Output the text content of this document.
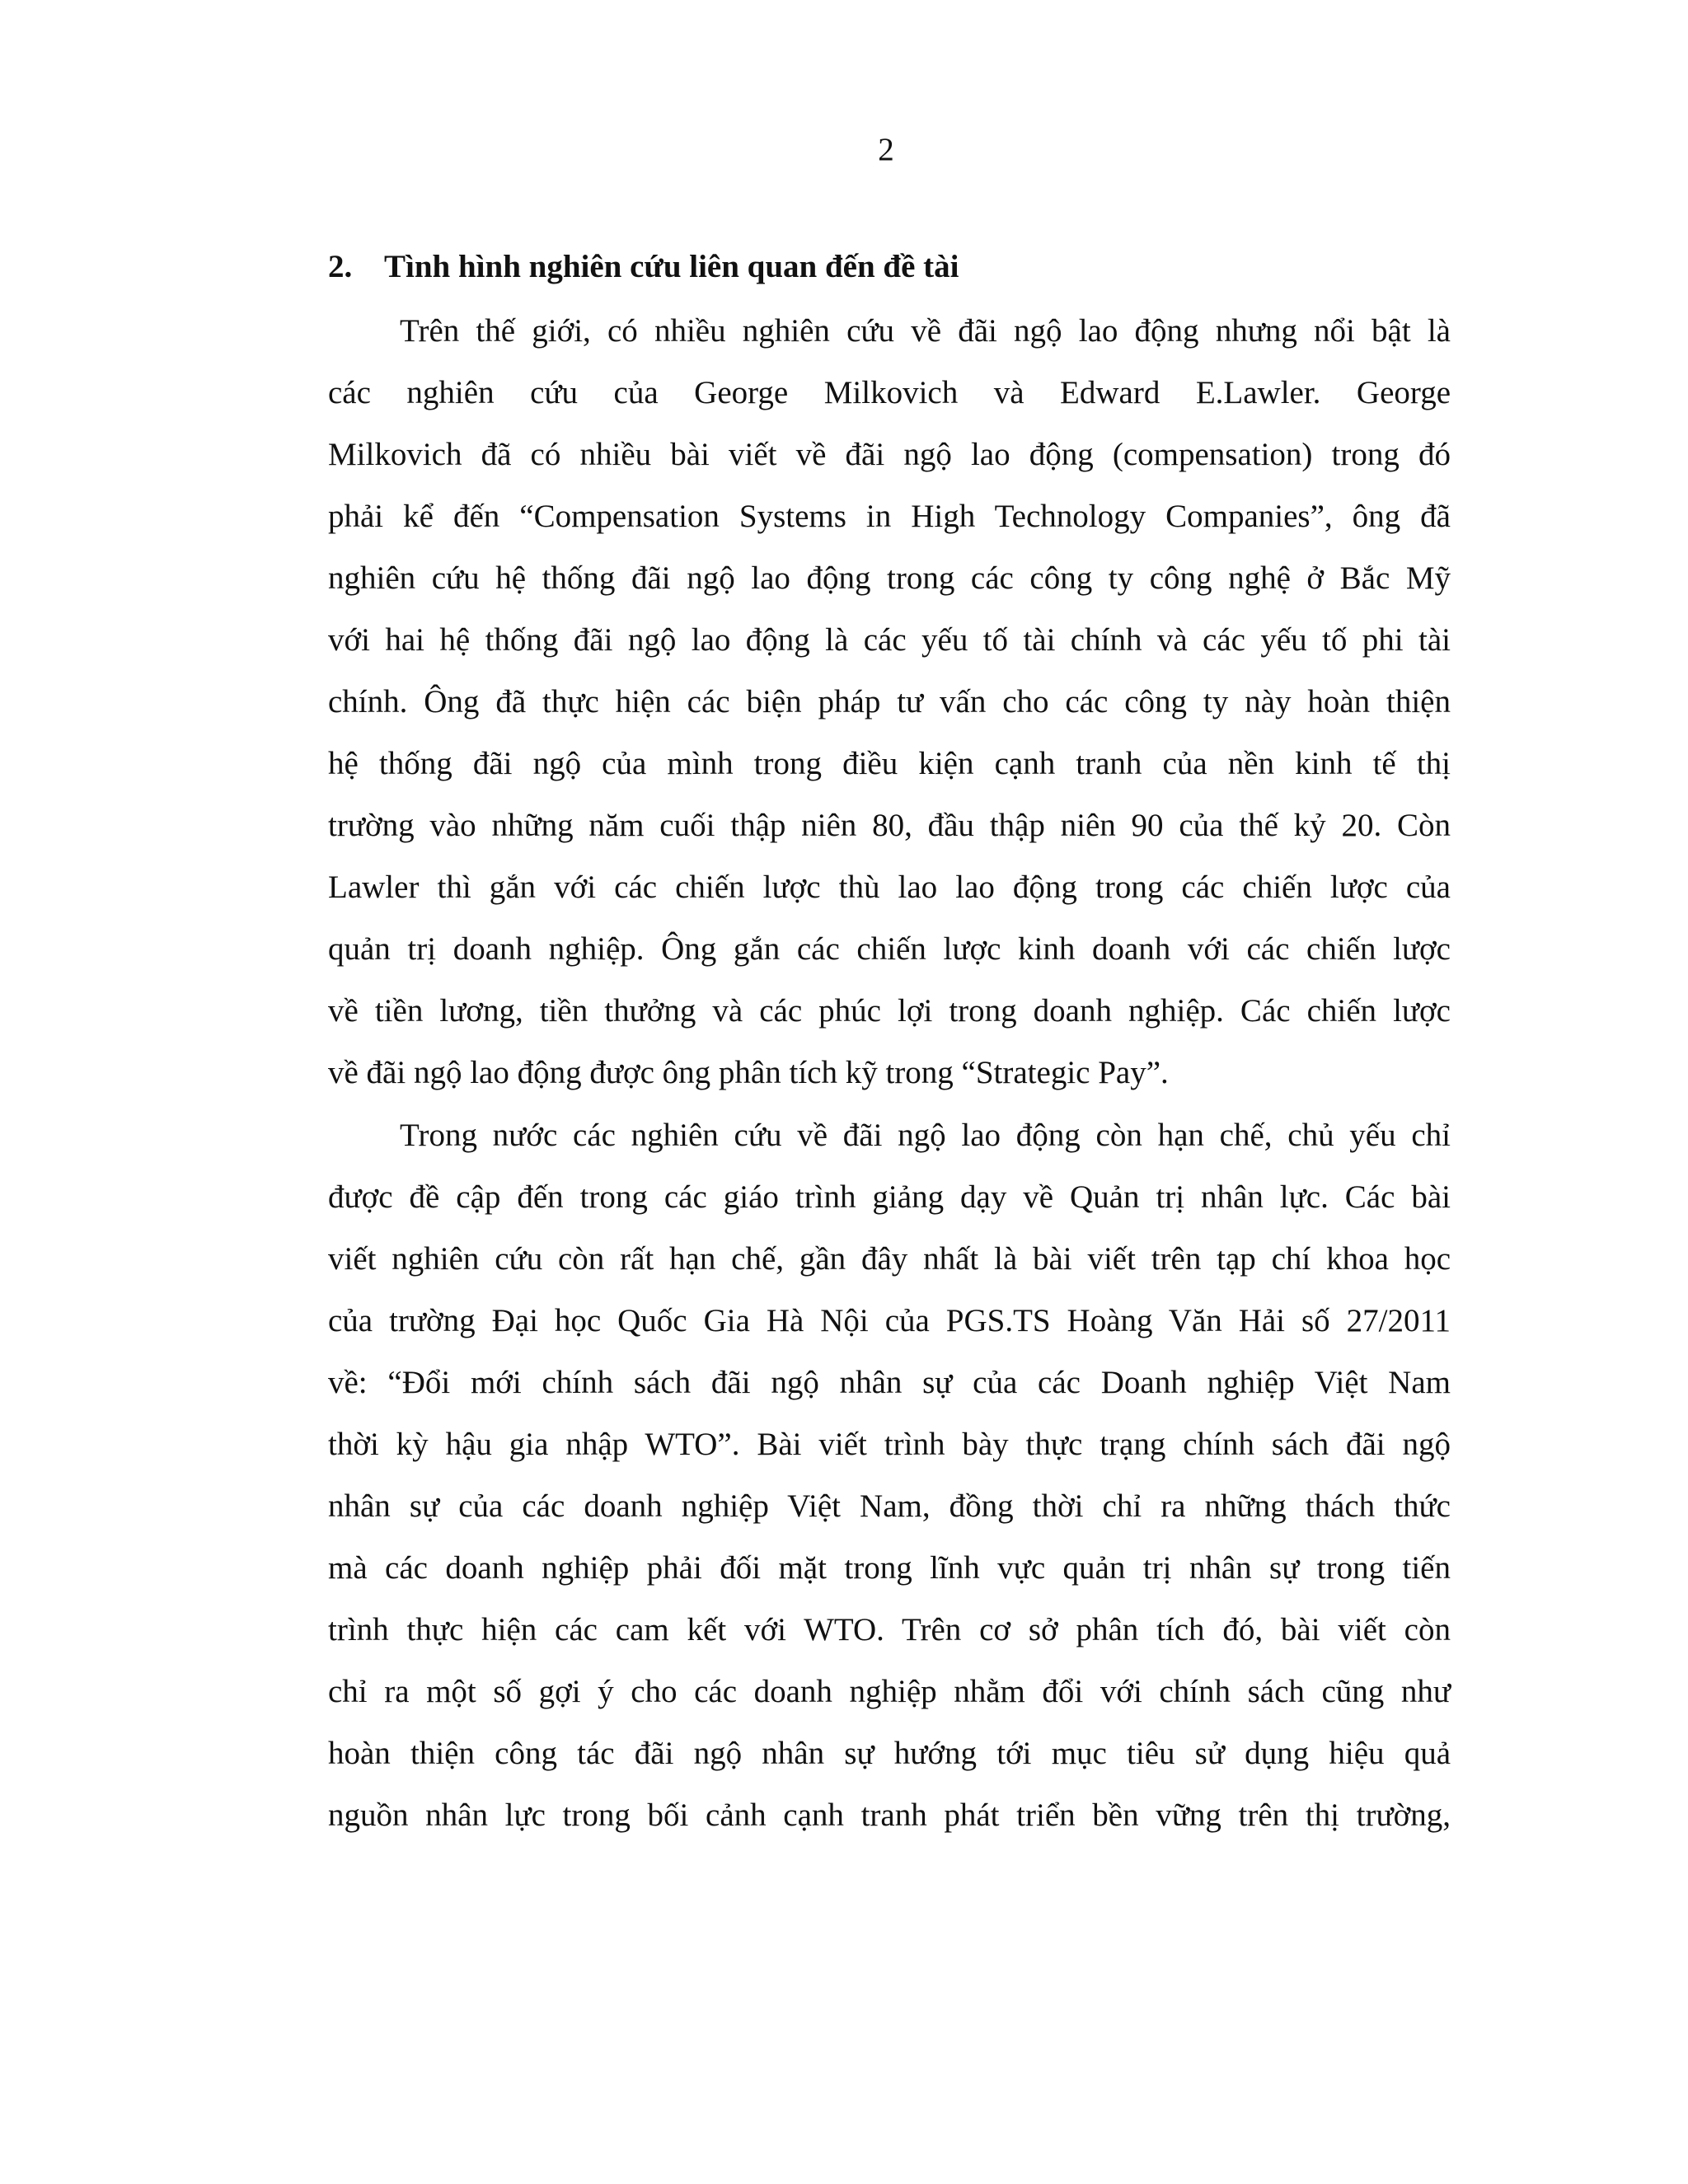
2
2. Tình hình nghiên cứu liên quan đến đề tài
Trên thế giới, có nhiều nghiên cứu về đãi ngộ lao động nhưng nổi bật là
các nghiên cứu của George Milkovich và Edward E.Lawler. George
Milkovich đã có nhiều bài viết về đãi ngộ lao động (compensation) trong đó
phải kể đến “Compensation Systems in High Technology Companies”, ông đã
nghiên cứu hệ thống đãi ngộ lao động trong các công ty công nghệ ở Bắc Mỹ
với hai hệ thống đãi ngộ lao động là các yếu tố tài chính và các yếu tố phi tài
chính. Ông đã thực hiện các biện pháp tư vấn cho các công ty này hoàn thiện
hệ thống đãi ngộ của mình trong điều kiện cạnh tranh của nền kinh tế thị
trường vào những năm cuối thập niên 80, đầu thập niên 90 của thế kỷ 20. Còn
Lawler thì gắn với các chiến lược thù lao lao động trong các chiến lược của
quản trị doanh nghiệp. Ông gắn các chiến lược kinh doanh với các chiến lược
về tiền lương, tiền thưởng và các phúc lợi trong doanh nghiệp. Các chiến lược
về đãi ngộ lao động được ông phân tích kỹ trong “Strategic Pay”.
Trong nước các nghiên cứu về đãi ngộ lao động còn hạn chế, chủ yếu chỉ
được đề cập đến trong các giáo trình giảng dạy về Quản trị nhân lực. Các bài
viết nghiên cứu còn rất hạn chế, gần đây nhất là bài viết trên tạp chí khoa học
của trường Đại học Quốc Gia Hà Nội của PGS.TS Hoàng Văn Hải số 27/2011
về: “Đổi mới chính sách đãi ngộ nhân sự của các Doanh nghiệp Việt Nam
thời kỳ hậu gia nhập WTO”. Bài viết trình bày thực trạng chính sách đãi ngộ
nhân sự của các doanh nghiệp Việt Nam, đồng thời chỉ ra những thách thức
mà các doanh nghiệp phải đối mặt trong lĩnh vực quản trị nhân sự trong tiến
trình thực hiện các cam kết với WTO. Trên cơ sở phân tích đó, bài viết còn
chỉ ra một số gợi ý cho các doanh nghiệp nhằm đổi với chính sách cũng như
hoàn thiện công tác đãi ngộ nhân sự hướng tới mục tiêu sử dụng hiệu quả
nguồn nhân lực trong bối cảnh cạnh tranh phát triển bền vững trên thị trường,
